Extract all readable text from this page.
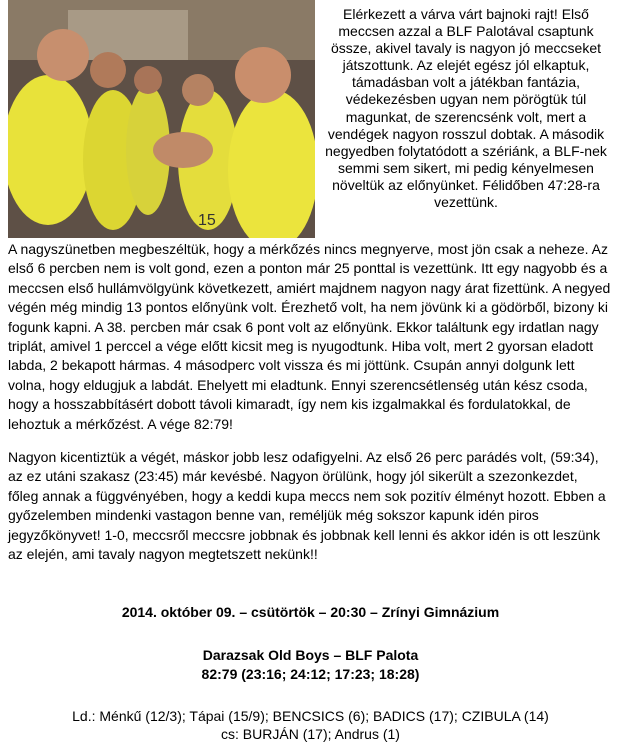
15

Elérkezett a várva várt bajnoki rajt! Első meccsen azzal a BLF Palotával csaptunk össze, akivel tavaly is nagyon jó meccseket játszottunk. Az elejét egész jól elkaptuk, támadásban volt a játékban fantázia, védekezésben ugyan nem pörögtük túl magunkat, de szerencsénk volt, mert a vendégek nagyon rosszul dobtak. A második negyedben folytatódott a szériánk, a BLF-nek semmi sem sikert, mi pedig kényelmesen növeltük az előnyünket. Félidőben 47:28-ra vezettünk.

A nagyszünetben megbeszéltük, hogy a mérkőzés nincs megnyerve, most jön csak a neheze. Az első 6 percben nem is volt gond, ezen a ponton már 25 ponttal is vezettünk. Itt egy nagyobb és a meccsen első hullámvölgyünk következett, amiért majdnem nagyon nagy árat fizettünk. A negyed végén még mindig 13 pontos előnyünk volt. Érezhető volt, ha nem jövünk ki a gödörből, bizony ki fogunk kapni. A 38. percben már csak 6 pont volt az előnyünk. Ekkor találtunk egy irdatlan nagy triplát, amivel 1 perccel a vége előtt kicsit meg is nyugodtunk. Hiba volt, mert 2 gyorsan eladott labda, 2 bekapott hármas. 4 másodperc volt vissza és mi jöttünk. Csupán annyi dolgunk lett volna, hogy eldugjuk a labdát. Ehelyett mi eladtunk. Ennyi szerencsétlenség után kész csoda, hogy a hosszabbításért dobott távoli kimaradt, így nem kis izgalmakkal és fordulatokkal, de lehoztuk a mérkőzést. A vége 82:79!

Nagyon kicentiztük a végét, máskor jobb lesz odafigyelni. Az első 26 perc parádés volt, (59:34), az ez utáni szakasz (23:45) már kevésbé. Nagyon örülünk, hogy jól sikerült a szezonkezdet, főleg annak a függvényében, hogy a keddi kupa meccs nem sok pozitív élményt hozott. Ebben a győzelemben mindenki vastagon benne van, reméljük még sokszor kapunk idén piros jegyzőkönyvet! 1-0, meccsről meccsre jobbnak és jobbnak kell lenni és akkor idén is ott leszünk az elején, ami tavaly nagyon megtetszett nekünk!!

2014. október 09. – csütörtök – 20:30 – Zrínyi Gimnázium
Darazsak Old Boys – BLF Palota
82:79 (23:16; 24:12; 17:23; 18:28)
Ld.: Ménkű (12/3); Tápai (15/9); BENCSICS (6); BADICS (17); CZIBULA (14)
cs: BURJÁN (17); Andrus (1)
